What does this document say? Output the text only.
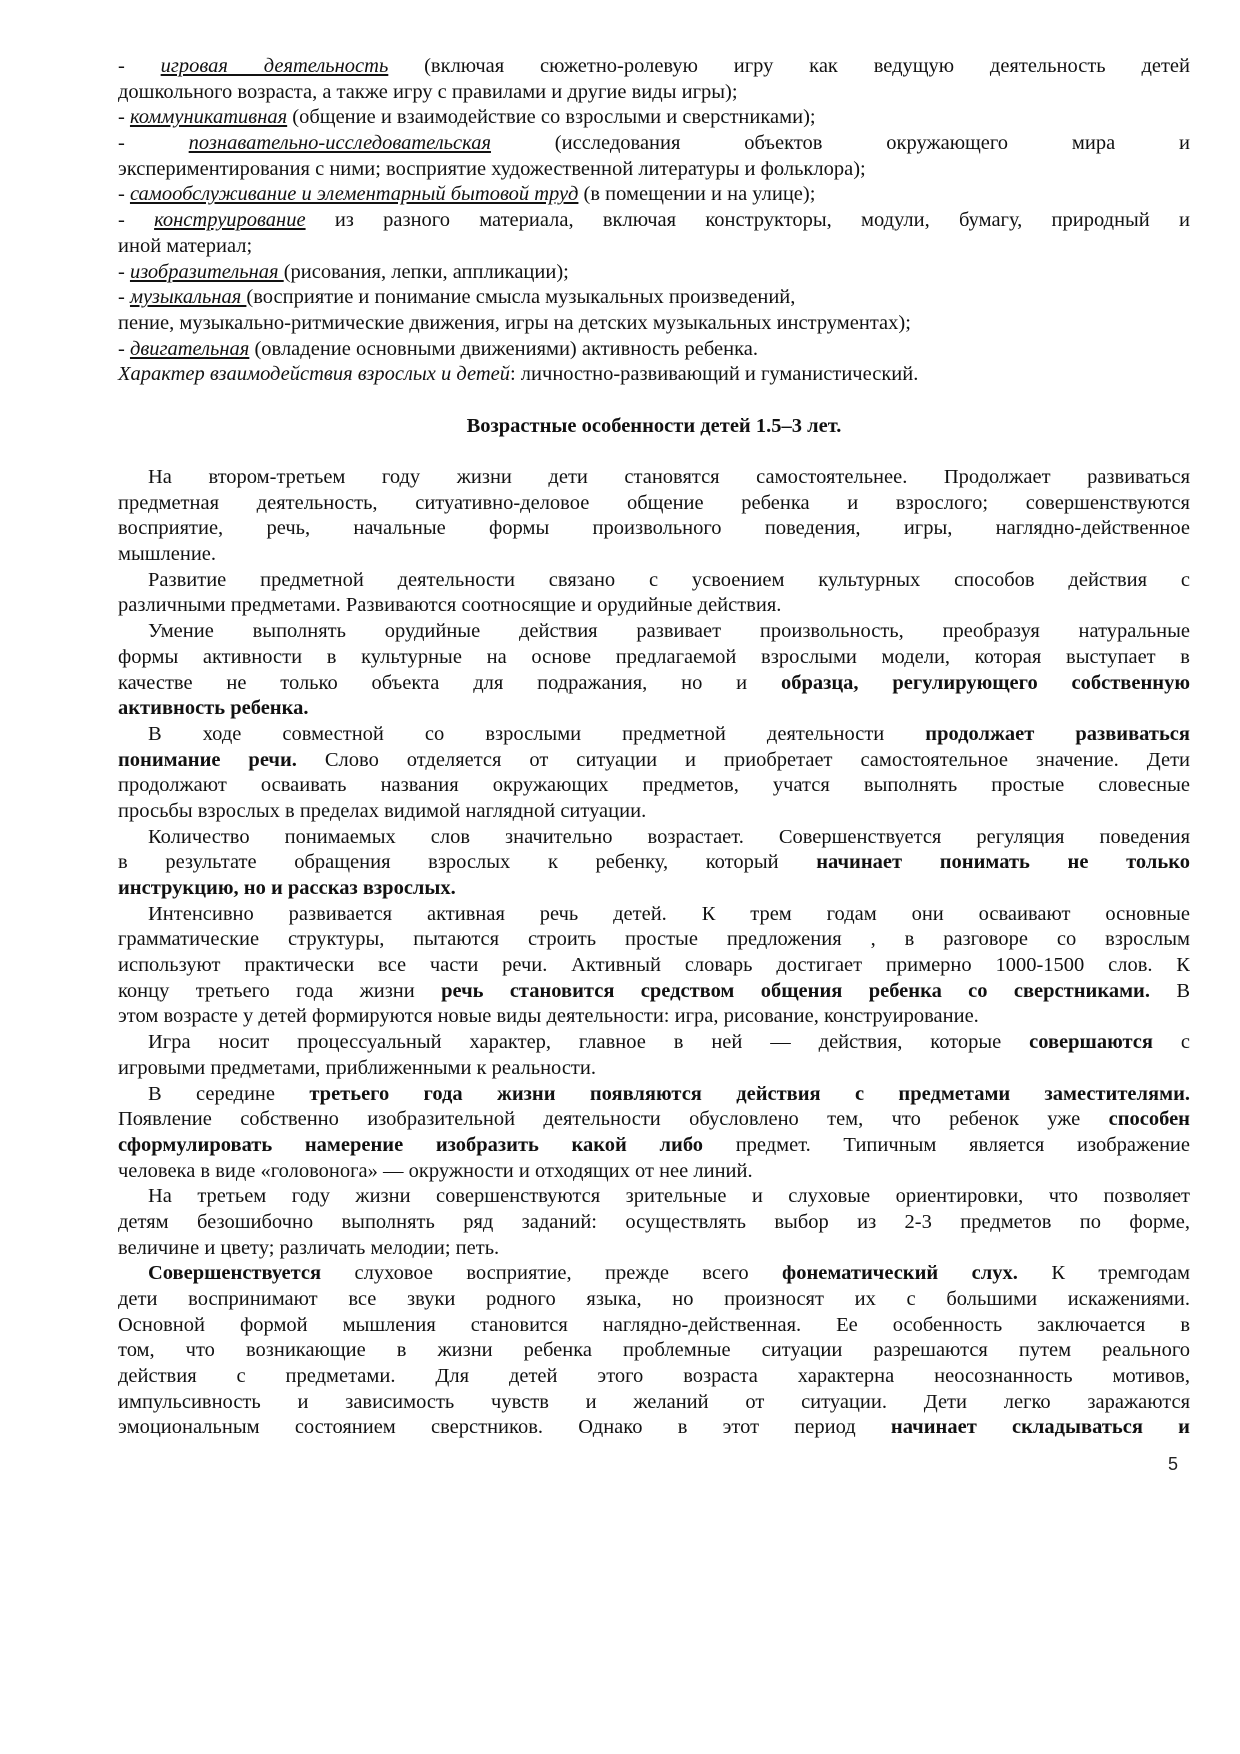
- игровая деятельность (включая сюжетно-ролевую игру как ведущую деятельность детей
дошкольного возраста, а также игру с правилами и другие виды игры);
- коммуникативная (общение и взаимодействие со взрослыми и сверстниками);
- познавательно-исследовательская (исследования объектов окружающего мира и
экспериментирования с ними; восприятие художественной литературы и фольклора);
- самообслуживание и элементарный бытовой труд (в помещении и на улице);
- конструирование из разного материала, включая конструкторы, модули, бумагу, природный и
иной материал;
- изобразительная (рисования, лепки, аппликации);
- музыкальная (восприятие и понимание смысла музыкальных произведений,
пение, музыкально-ритмические движения, игры на детских музыкальных инструментах);
- двигательная (овладение основными движениями) активность ребенка.
Характер взаимодействия взрослых и детей: личностно-развивающий и гуманистический.
Возрастные особенности детей 1.5–3 лет.
На втором-третьем году жизни дети становятся самостоятельнее. Продолжает развиваться
предметная деятельность, ситуативно-деловое общение ребенка и взрослого; совершенствуются
восприятие, речь, начальные формы произвольного поведения, игры, наглядно-действенное
мышление.
Развитие предметной деятельности связано с усвоением культурных способов действия с
различными предметами. Развиваются соотносящие и орудийные действия.
Умение выполнять орудийные действия развивает произвольность, преобразуя натуральные
формы активности в культурные на основе предлагаемой взрослыми модели, которая выступает в
качестве не только объекта для подражания, но и образца, регулирующего собственную
активность ребенка.
В ходе совместной со взрослыми предметной деятельности продолжает развиваться
понимание речи. Слово отделяется от ситуации и приобретает самостоятельное значение. Дети
продолжают осваивать названия окружающих предметов, учатся выполнять простые словесные
просьбы взрослых в пределах видимой наглядной ситуации.
Количество понимаемых слов значительно возрастает. Совершенствуется регуляция поведения
в результате обращения взрослых к ребенку, который начинает понимать не только
инструкцию, но и рассказ взрослых.
Интенсивно развивается активная речь детей. К трем годам они осваивают основные
грамматические структуры, пытаются строить простые предложения , в разговоре со взрослым
используют практически все части речи. Активный словарь достигает примерно 1000-1500 слов. К
концу третьего года жизни речь становится средством общения ребенка со сверстниками. В
этом возрасте у детей формируются новые виды деятельности: игра, рисование, конструирование.
Игра носит процессуальный характер, главное в ней — действия, которые совершаются с
игровыми предметами, приближенными к реальности.
В середине третьего года жизни появляются действия с предметами заместителями.
Появление собственно изобразительной деятельности обусловлено тем, что ребенок уже способен
сформулировать намерение изобразить какой либо предмет. Типичным является изображение
человека в виде «головонога» — окружности и отходящих от нее линий.
На третьем году жизни совершенствуются зрительные и слуховые ориентировки, что позволяет
детям безошибочно выполнять ряд заданий: осуществлять выбор из 2-3 предметов по форме,
величине и цвету; различать мелодии; петь.
Совершенствуется слуховое восприятие, прежде всего фонематический слух. К тремгодам
дети воспринимают все звуки родного языка, но произносят их с большими искажениями.
Основной формой мышления становится наглядно-действенная. Ее особенность заключается в
том, что возникающие в жизни ребенка проблемные ситуации разрешаются путем реального
действия с предметами. Для детей этого возраста характерна неосознанность мотивов,
импульсивность и зависимость чувств и желаний от ситуации. Дети легко заражаются
эмоциональным состоянием сверстников. Однако в этот период начинает складываться и
5
